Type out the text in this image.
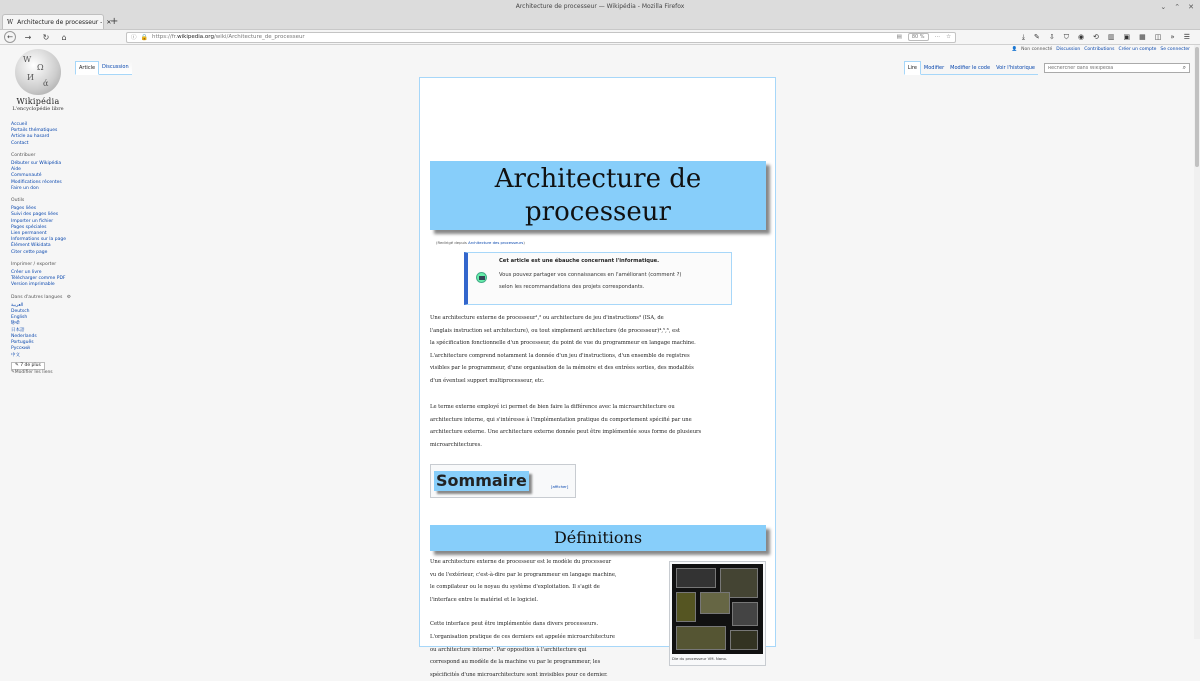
Architecture de processeur — Wikipédia - Mozilla Firefox	⌄ ⌃ ✕
W Architecture de processeur - ✕
+
←	→	↻	⌂	ⓘ 🔒 https://fr.wikipedia.org/wiki/Architecture_de_processeur	▤	80 %	⋯ ☆	⤓ ✎ ⇩ ⛉ ◉ ⟲ ▥ ▣ ▦ ◫ » ☰
W
Ω
И
ά
Wikipédia
L'encyclopédie libre
👤 Non connecté Discussion Contributions Créer un compte Se connecter
Article	Discussion	Lire	Modifier	Modifier le code	Voir l'historique
Rechercher dans Wikipédia	⌕
Accueil
Portails thématiques
Article au hasard
Contact
Contribuer
Débuter sur Wikipédia
Aide
Communauté
Modifications récentes
Faire un don
Outils
Pages liées
Suivi des pages liées
Importer un fichier
Pages spéciales
Lien permanent
Informations sur la page
Élément Wikidata
Citer cette page
Imprimer / exporter
Créer un livre
Télécharger comme PDF
Version imprimable
Dans d'autres langues ⚙
العربية
Deutsch
English
हिन्दी
日本語
Nederlands
Português
Русский
中文
✎ 7 de plus
✎Modifier les liens
Architecture de processeur
(Redirigé depuis Architecture des processeurs)
Cet article est une ébauche concernant l'informatique.
Vous pouvez partager vos connaissances en l'améliorant (comment ?)
selon les recommandations des projets correspondants.
Une architecture externe de processeur¹,² ou architecture de jeu d'instructions³ (ISA, de
l'anglais instruction set architecture), ou tout simplement architecture (de processeur)⁴,⁵,⁶, est
la spécification fonctionnelle d'un processeur, du point de vue du programmeur en langage machine.
L'architecture comprend notamment la donnée d'un jeu d'instructions, d'un ensemble de registres
visibles par le programmeur, d'une organisation de la mémoire et des entrées sorties, des modalités
d'un éventuel support multiprocesseur, etc.
Le terme externe employé ici permet de bien faire la différence avec la microarchitecture ou
architecture interne, qui s'intéresse à l'implémentation pratique du comportement spécifié par une
architecture externe. Une architecture externe donnée peut être implémentée sous forme de plusieurs
microarchitectures.
Sommaire	[afficher]
Définitions
Une architecture externe de processeur est le modèle du processeur
vu de l'extérieur, c'est-à-dire par le programmeur en langage machine,
le compilateur ou le noyau du système d'exploitation. Il s'agit de
l'interface entre le matériel et le logiciel.
Cette interface peut être implémentée dans divers processeurs.
L'organisation pratique de ces derniers est appelée microarchitecture
ou architecture interne¹. Par opposition à l'architecture qui
correspond au modèle de la machine vu par le programmeur, les
spécificités d'une microarchitecture sont invisibles pour ce dernier.
Die du processeur VM. Nano.
